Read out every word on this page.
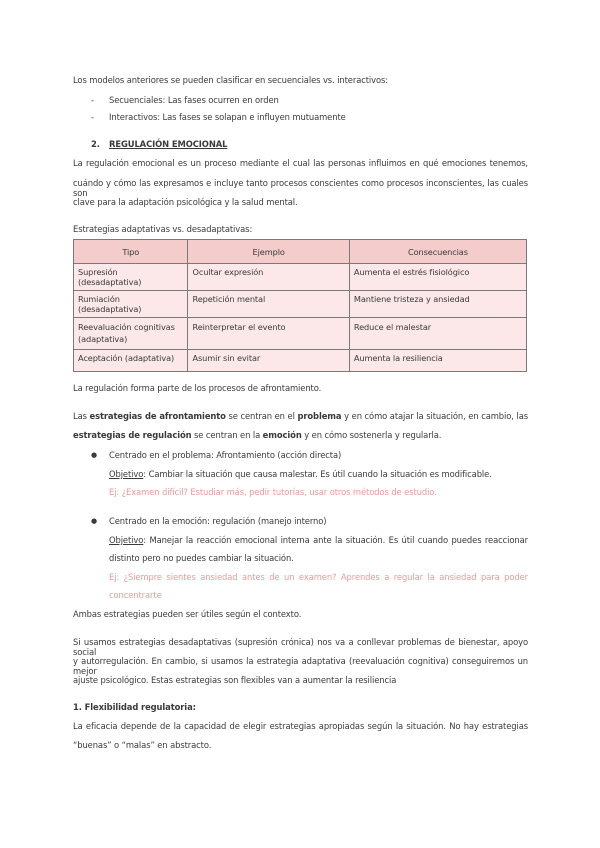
Los modelos anteriores se pueden clasificar en secuenciales vs. interactivos:
- Secuenciales: Las fases ocurren en orden
- Interactivos: Las fases se solapan e influyen mutuamente
2. REGULACIÓN EMOCIONAL
La regulación emocional es un proceso mediante el cual las personas influimos en qué emociones tenemos,
cuándo y cómo las expresamos e incluye tanto procesos conscientes como procesos inconscientes, las cuales son
clave para la adaptación psicológica y la salud mental.
Estrategias adaptativas vs. desadaptativas:
Tipo	Ejemplo	Consecuencias
Supresión (desadaptativa)	Ocultar expresión	Aumenta el estrés fisiológico
Rumiación (desadaptativa)	Repetición mental	Mantiene tristeza y ansiedad
Reevaluación cognitivas (adaptativa)	Reinterpretar el evento	Reduce el malestar
Aceptación (adaptativa)	Asumir sin evitar	Aumenta la resiliencia
La regulación forma parte de los procesos de afrontamiento.
Las estrategias de afrontamiento se centran en el problema y en cómo atajar la situación, en cambio, las
estrategias de regulación se centran en la emoción y en cómo sostenerla y regularla.
● Centrado en el problema: Afrontamiento (acción directa)
Objetivo: Cambiar la situación que causa malestar. Es útil cuando la situación es modificable.
Ej: ¿Examen difícil? Estudiar más, pedir tutorías, usar otros métodos de estudio.
● Centrado en la emoción: regulación (manejo interno)
Objetivo: Manejar la reacción emocional interna ante la situación. Es útil cuando puedes reaccionar
distinto pero no puedes cambiar la situación.
Ej: ¿Siempre sientes ansiedad antes de un examen? Aprendes a regular la ansiedad para poder
concentrarte
Ambas estrategias pueden ser útiles según el contexto.
Si usamos estrategias desadaptativas (supresión crónica) nos va a conllevar problemas de bienestar, apoyo social
y autorregulación. En cambio, si usamos la estrategia adaptativa (reevaluación cognitiva) conseguiremos un mejor
ajuste psicológico. Estas estrategias son flexibles van a aumentar la resiliencia
1. Flexibilidad regulatoria:
La eficacia depende de la capacidad de elegir estrategias apropiadas según la situación. No hay estrategias
“buenas” o “malas” en abstracto.
